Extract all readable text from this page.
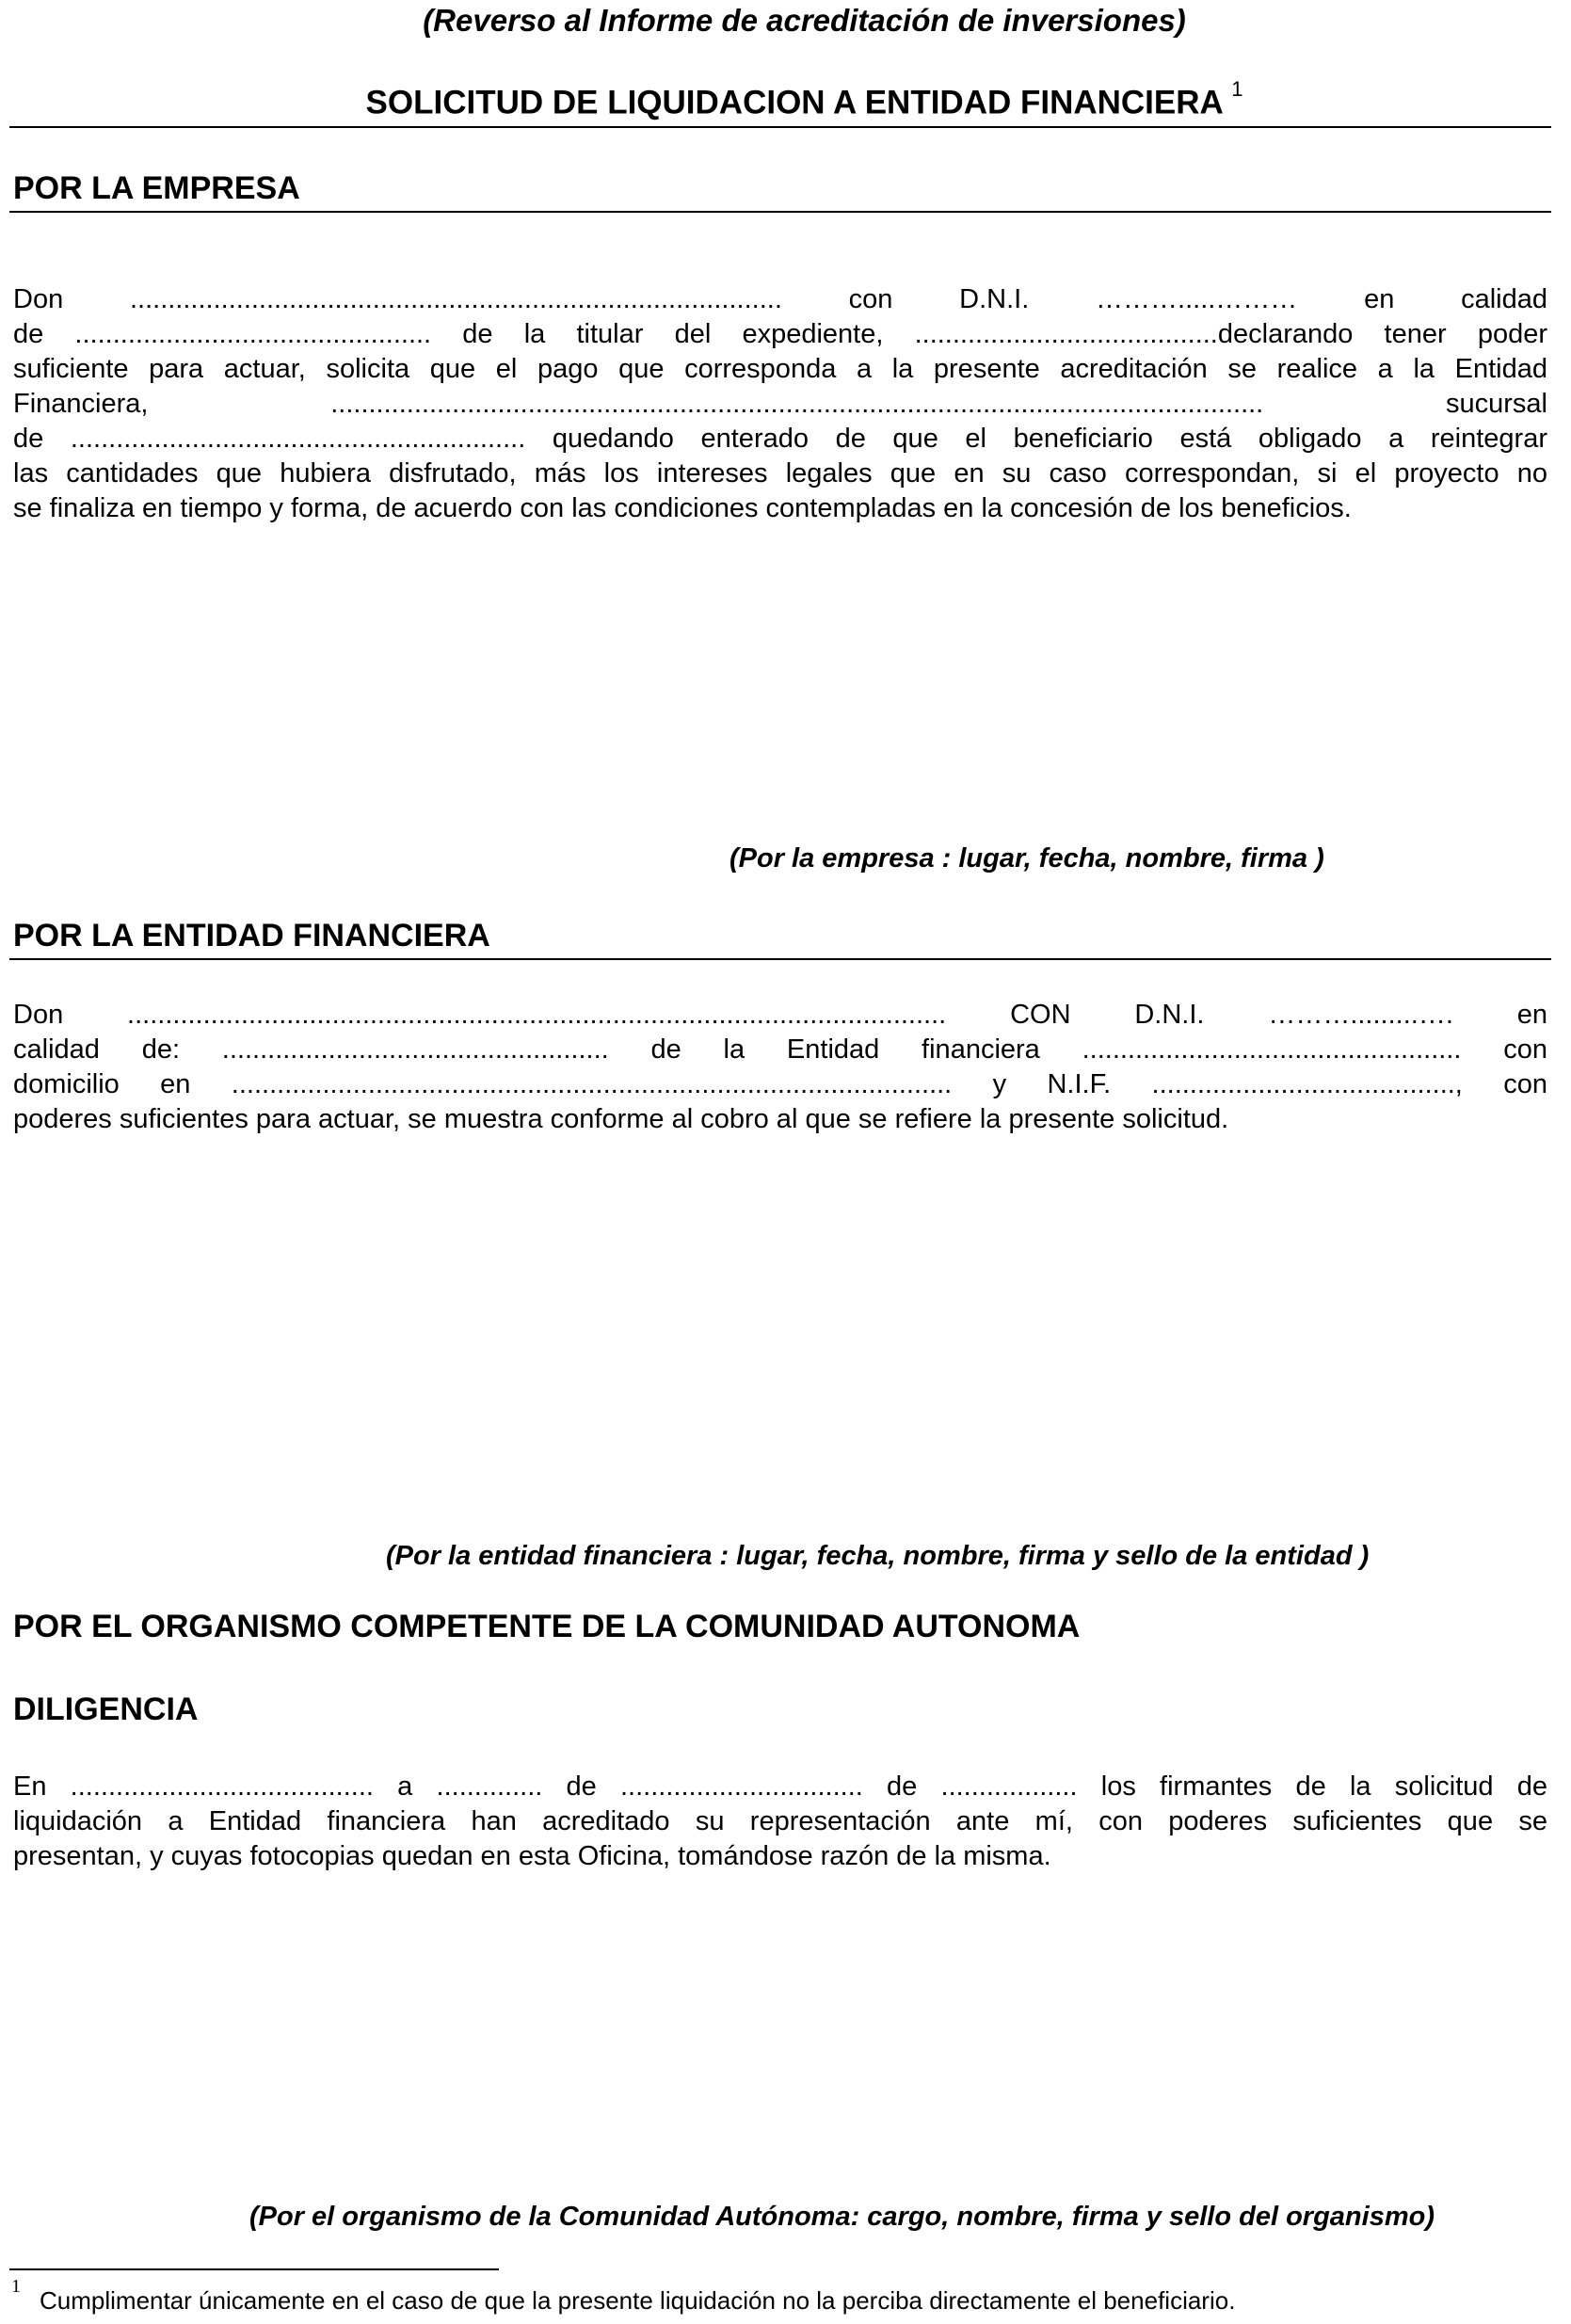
(Reverso al Informe de acreditación de inversiones)
SOLICITUD DE LIQUIDACION A ENTIDAD FINANCIERA $^1$
POR LA EMPRESA
Don ...................................................................................... con D.N.I. ……….....……… en calidad
de ............................................... de la titular del expediente, ........................................declarando tener poder
suficiente para actuar, solicita que el pago que corresponda a la presente acreditación se realice a la Entidad
Financiera, ........................................................................................................................... sucursal
de ............................................................ quedando enterado de que el beneficiario está obligado a reintegrar
las cantidades que hubiera disfrutado, más los intereses legales que en su caso correspondan, si el proyecto no
se finaliza en tiempo y forma, de acuerdo con las condiciones contempladas en la concesión de los beneficios.
(Por la empresa : lugar, fecha, nombre, firma )
POR LA ENTIDAD FINANCIERA
Don ............................................................................................................ CON D.N.I. ……….........…. en
calidad de: ................................................... de la Entidad financiera .................................................. con
domicilio en ............................................................................................... y N.I.F. ........................................, con
poderes suficientes para actuar, se muestra conforme al cobro al que se refiere la presente solicitud.
(Por la entidad financiera : lugar, fecha, nombre, firma y sello de la entidad )
POR EL ORGANISMO COMPETENTE DE LA COMUNIDAD AUTONOMA
DILIGENCIA
En ........................................ a .............. de ................................ de .................. los firmantes de la solicitud de
liquidación a Entidad financiera han acreditado su representación ante mí, con poderes suficientes que se
presentan, y cuyas fotocopias quedan en esta Oficina, tomándose razón de la misma.
(Por el organismo de la Comunidad Autónoma: cargo, nombre, firma y sello del organismo)
1 Cumplimentar únicamente en el caso de que la presente liquidación no la perciba directamente el beneficiario.
